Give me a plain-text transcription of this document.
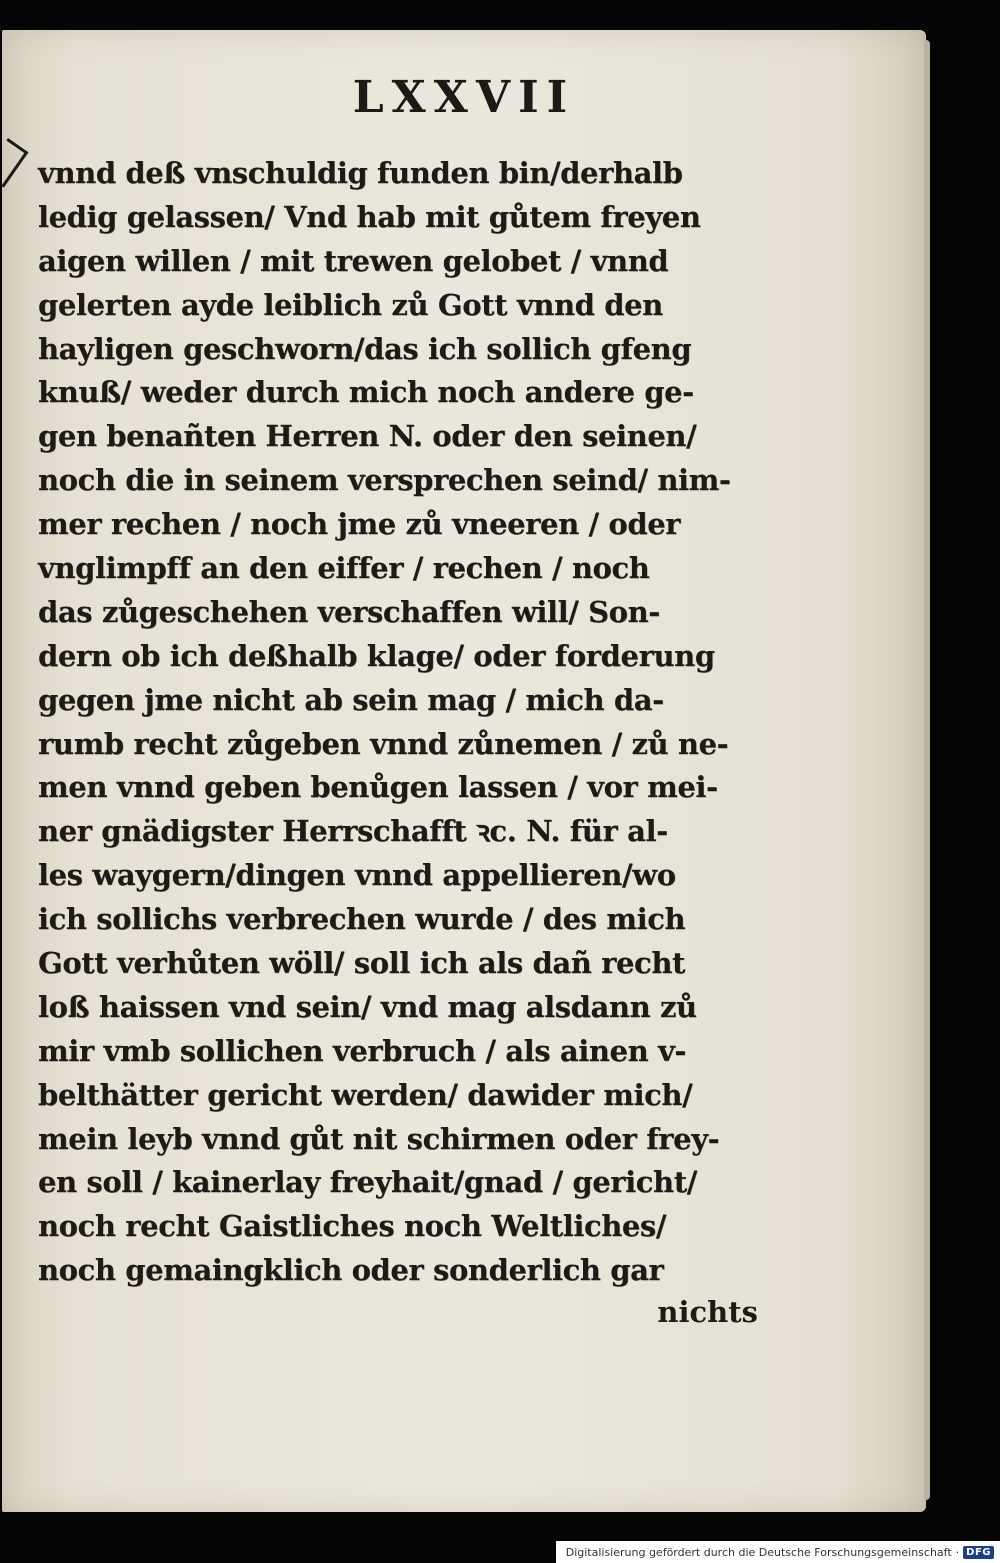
LXXVII
vnnd deß vnschuldig funden bin/derhalb
ledig gelassen/ Vnd hab mit gůtem freyen
aigen willen / mit trewen gelobet / vnnd
gelerten ayde leiblich zů Gott vnnd den
hayligen geschworn/das ich sollich gfeng
knuß/ weder durch mich noch andere ge-
gen benañten Herren N. oder den seinen/
noch die in seinem versprechen seind/ nim-
mer rechen / noch jme zů vneeren / oder
vnglimpff an den eiffer / rechen / noch
das zůgeschehen verschaffen will/ Son-
dern ob ich deßhalb klage/ oder forderung
gegen jme nicht ab sein mag / mich da-
rumb recht zůgeben vnnd zůnemen / zů ne-
men vnnd geben benůgen lassen / vor mei-
ner gnädigster Herrschafft ꝛc. N. für al-
les waygern/dingen vnnd appellieren/wo
ich sollichs verbrechen wurde / des mich
Gott verhůten wöll/ soll ich als dañ recht
loß haissen vnd sein/ vnd mag alsdann zů
mir vmb sollichen verbruch / als ainen v-
belthätter gericht werden/ dawider mich/
mein leyb vnnd gůt nit schirmen oder frey-
en soll / kainerlay freyhait/gnad / gericht/
noch recht Gaistliches noch Weltliches/
noch gemaingklich oder sonderlich gar
nichts
Digitalisierung gefördert durch die Deutsche Forschungsgemeinschaft · DFG
